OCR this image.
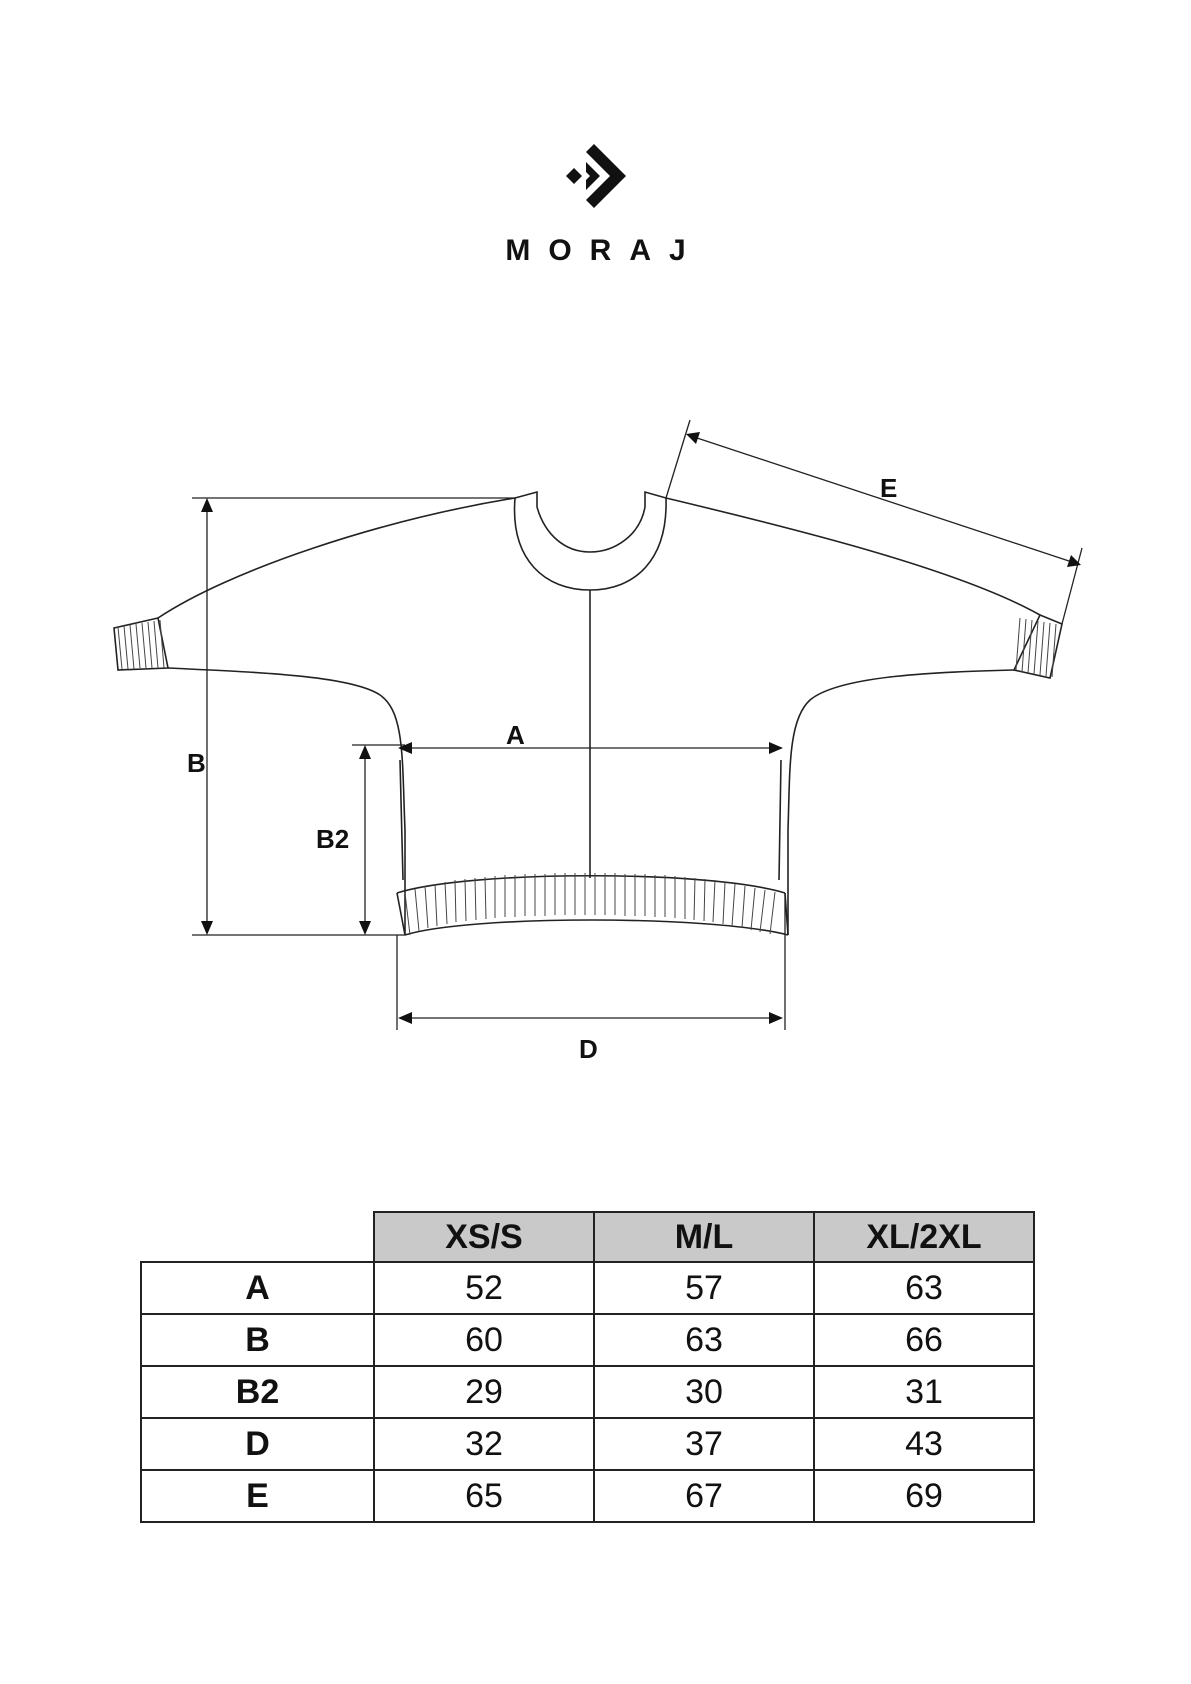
MORAJ
B
B2
A
D
E
	XS/S	M/L	XL/2XL
A	52	57	63
B	60	63	66
B2	29	30	31
D	32	37	43
E	65	67	69
